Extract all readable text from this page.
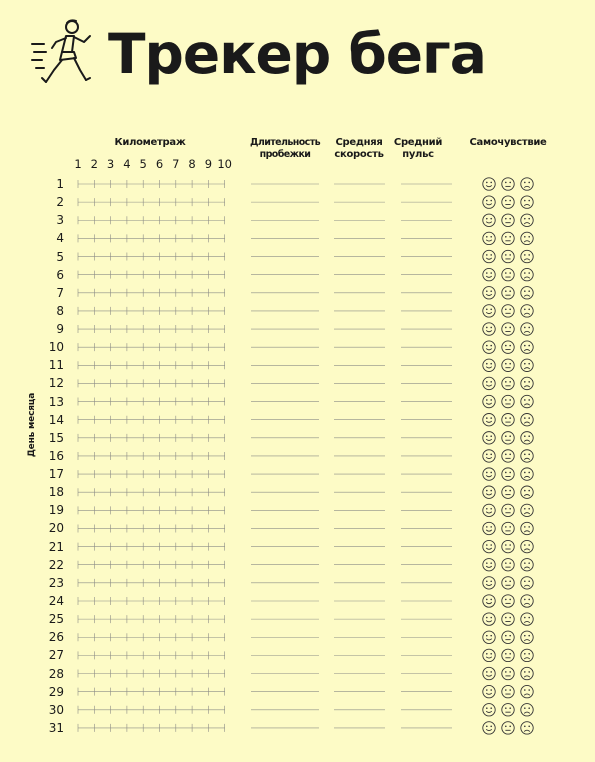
Трекер бега
Километраж	Длительность пробежки
Средняя скорость
Средний пульс
Самочувствие
День месяца
1 2 3 4 5 6 7 8 9 10
1
2
3
4
5
6
7
8
9
10
11
12
13
14
15
16
17
18
19
20
21
22
23
24
25
26
27
28
29
30
31
